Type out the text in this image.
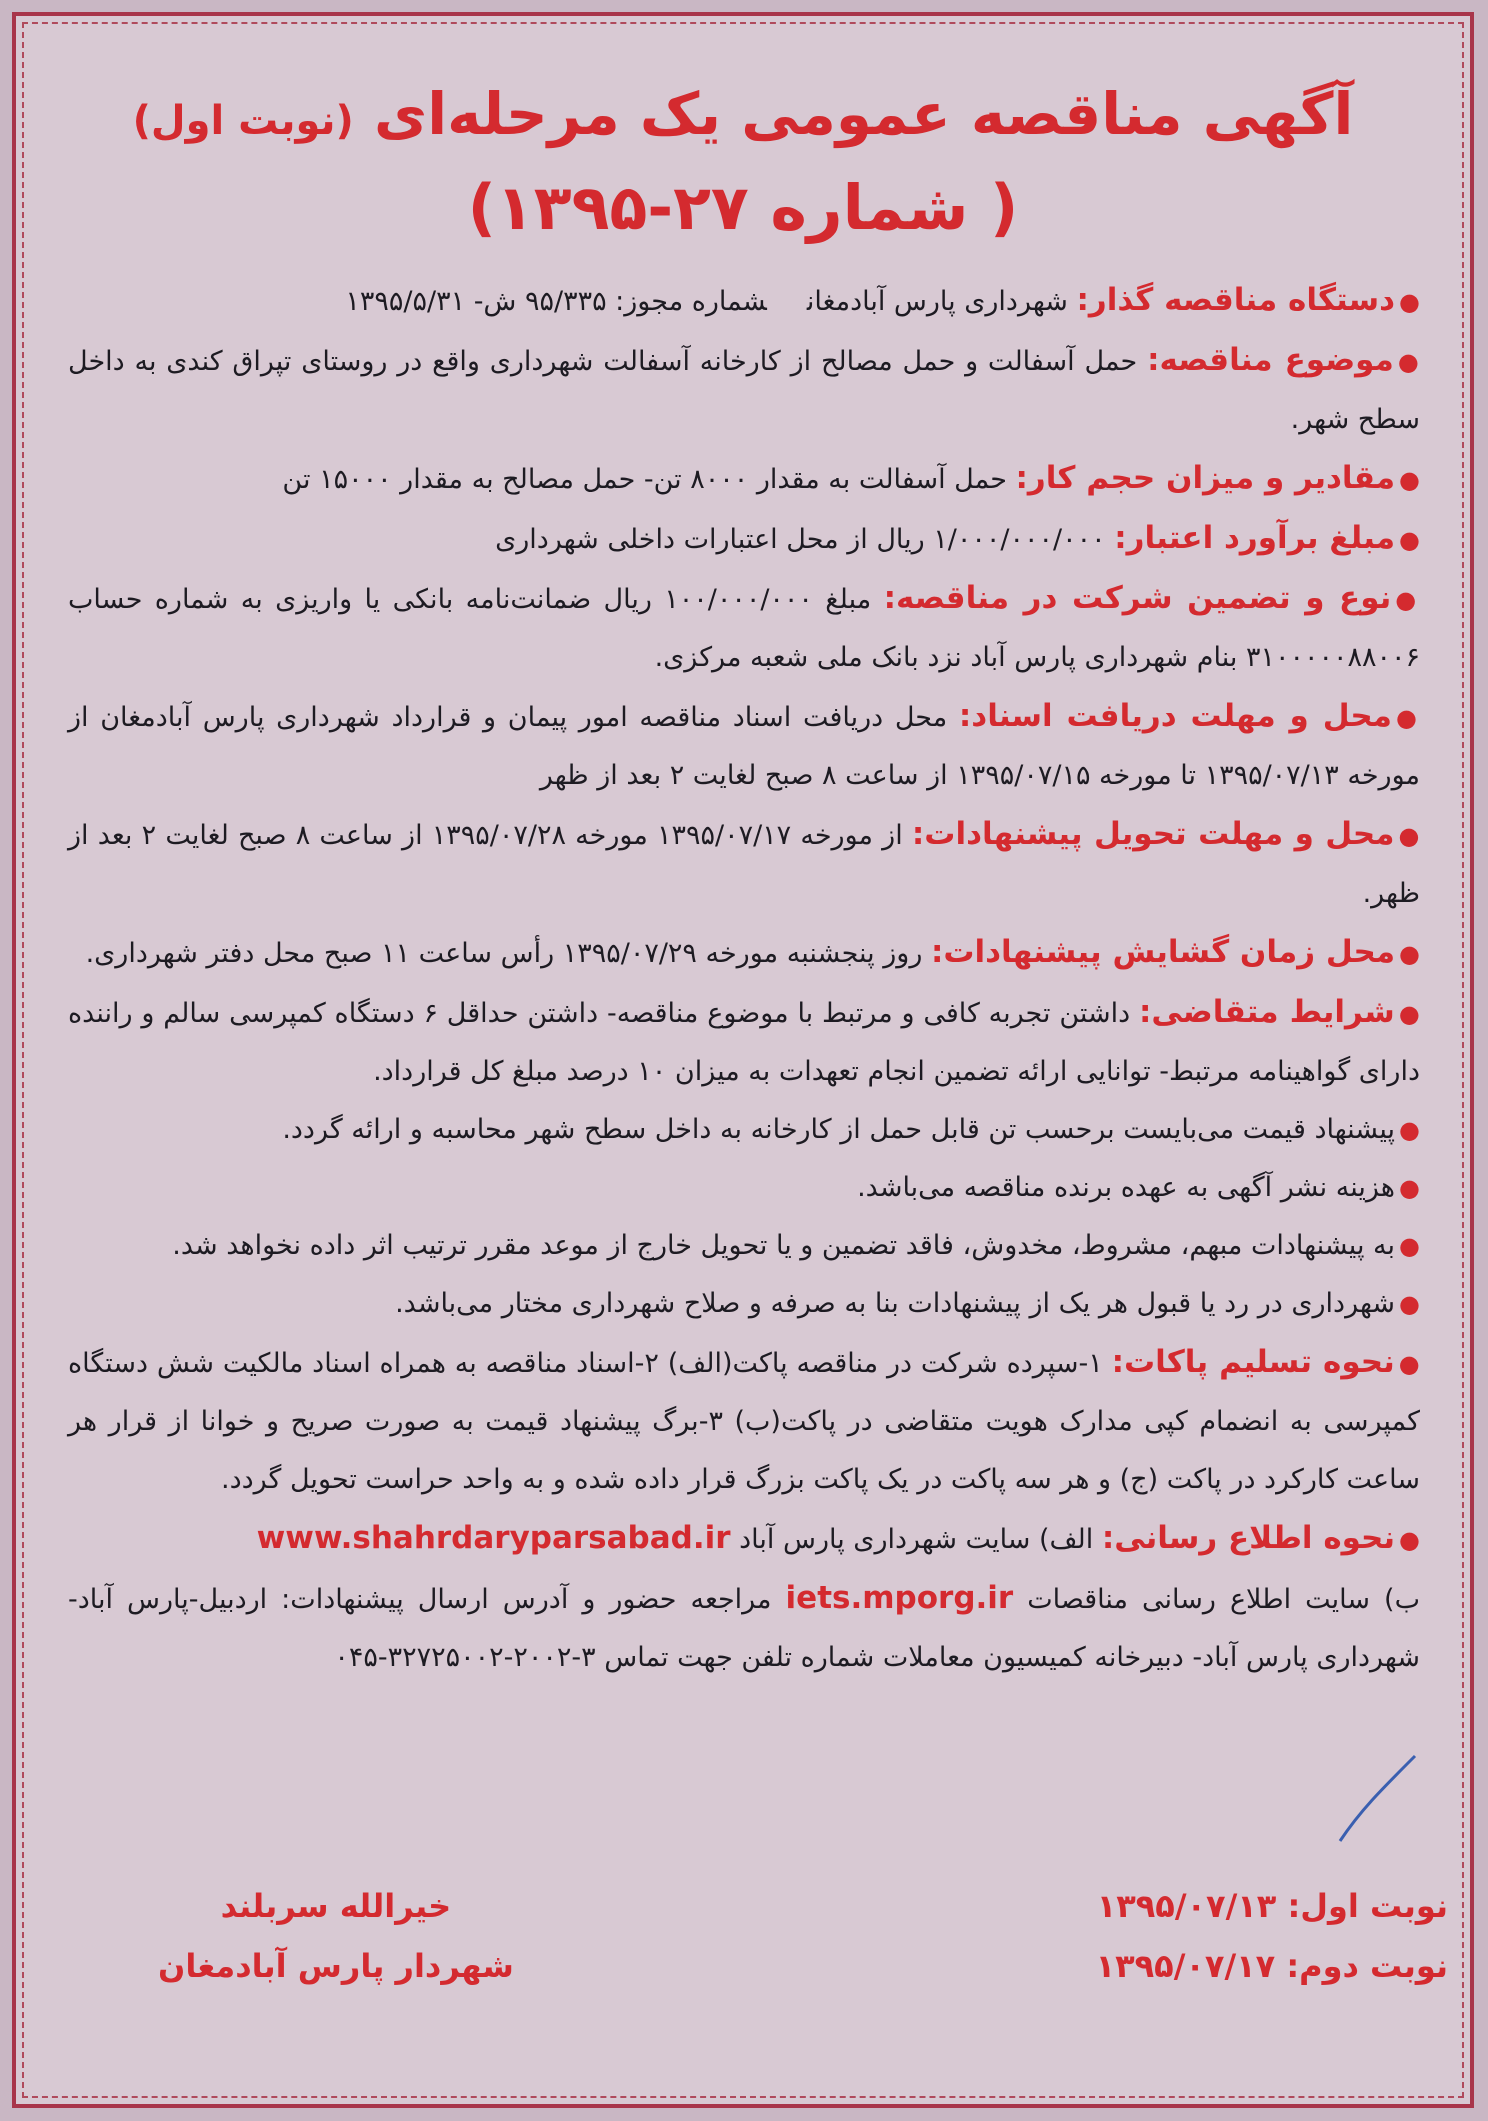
آگهی مناقصه عمومی یک مرحله‌ای (نوبت اول)
( شماره ۲۷-۱۳۹۵)
●دستگاه مناقصه گذار: شهرداری پارس آبادمغانشماره مجوز: ۹۵/۳۳۵ ش- ۱۳۹۵/۵/۳۱
●موضوع مناقصه: حمل آسفالت و حمل مصالح از کارخانه آسفالت شهرداری واقع در روستای تپراق کندی به داخل سطح شهر.
●مقادیر و میزان حجم کار: حمل آسفالت به مقدار ۸۰۰۰ تن- حمل مصالح به مقدار ۱۵۰۰۰ تن
●مبلغ برآورد اعتبار: ۱/۰۰۰/۰۰۰/۰۰۰ ریال از محل اعتبارات داخلی شهرداری
●نوع و تضمین شرکت در مناقصه: مبلغ ۱۰۰/۰۰۰/۰۰۰ ریال ضمانت‌نامه بانکی یا واریزی به شماره حساب ۳۱۰۰۰۰۰۸۸۰۰۶ بنام شهرداری پارس آباد نزد بانک ملی شعبه مرکزی.
●محل و مهلت دریافت اسناد: محل دریافت اسناد مناقصه امور پیمان و قرارداد شهرداری پارس آبادمغان از مورخه ۱۳۹۵/۰۷/۱۳ تا مورخه ۱۳۹۵/۰۷/۱۵ از ساعت ۸ صبح لغایت ۲ بعد از ظهر
●محل و مهلت تحویل پیشنهادات: از مورخه ۱۳۹۵/۰۷/۱۷ مورخه ۱۳۹۵/۰۷/۲۸ از ساعت ۸ صبح لغایت ۲ بعد از ظهر.
●محل زمان گشایش پیشنهادات: روز پنجشنبه مورخه ۱۳۹۵/۰۷/۲۹ رأس ساعت ۱۱ صبح محل دفتر شهرداری.
●شرایط متقاضی: داشتن تجربه کافی و مرتبط با موضوع مناقصه- داشتن حداقل ۶ دستگاه کمپرسی سالم و راننده دارای گواهینامه مرتبط- توانایی ارائه تضمین انجام تعهدات به میزان ۱۰ درصد مبلغ کل قرارداد.
●پیشنهاد قیمت می‌بایست برحسب تن قابل حمل از کارخانه به داخل سطح شهر محاسبه و ارائه گردد.
●هزینه نشر آگهی به عهده برنده مناقصه می‌باشد.
●به پیشنهادات مبهم، مشروط، مخدوش، فاقد تضمین و یا تحویل خارج از موعد مقرر ترتیب اثر داده نخواهد شد.
●شهرداری در رد یا قبول هر یک از پیشنهادات بنا به صرفه و صلاح شهرداری مختار می‌باشد.
●نحوه تسلیم پاکات: ۱-سپرده شرکت در مناقصه پاکت(الف) ۲-اسناد مناقصه به همراه اسناد مالکیت شش دستگاه کمپرسی به انضمام کپی مدارک هویت متقاضی در پاکت(ب) ۳-برگ پیشنهاد قیمت به صورت صریح و خوانا از قرار هر ساعت کارکرد در پاکت (ج) و هر سه پاکت در یک پاکت بزرگ قرار داده شده و به واحد حراست تحویل گردد.
●نحوه اطلاع رسانی: الف) سایت شهرداری پارس آباد www.shahrdaryparsabad.ir
ب) سایت اطلاع رسانی مناقصات iets.mporg.ir مراجعه حضور و آدرس ارسال پیشنهادات: اردبیل-پارس آباد- شهرداری پارس آباد- دبیرخانه کمیسیون معاملات شماره تلفن جهت تماس ۳-۲۰۰۲-۳۲۷۲۵۰۰۲-۰۴۵
نوبت اول: ۱۳۹۵/۰۷/۱۳
نوبت دوم: ۱۳۹۵/۰۷/۱۷
خیرالله سربلند
شهردار پارس آبادمغان
